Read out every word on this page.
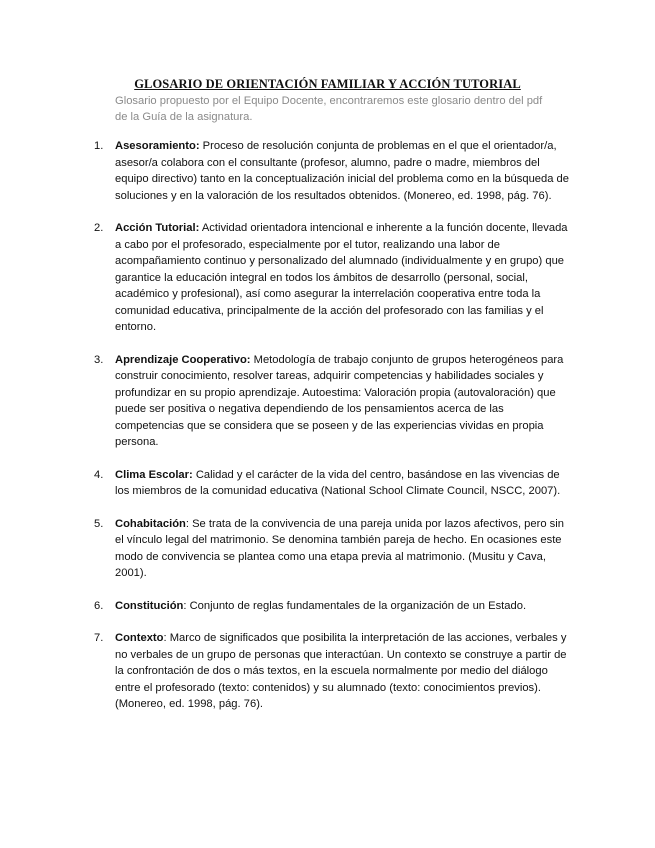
GLOSARIO DE ORIENTACIÓN FAMILIAR Y ACCIÓN TUTORIAL
Glosario propuesto por el Equipo Docente, encontraremos este glosario dentro del pdf de la Guía de la asignatura.
1. Asesoramiento: Proceso de resolución conjunta de problemas en el que el orientador/a, asesor/a colabora con el consultante (profesor, alumno, padre o madre, miembros del equipo directivo) tanto en la conceptualización inicial del problema como en la búsqueda de soluciones y en la valoración de los resultados obtenidos. (Monereo, ed. 1998, pág. 76).
2. Acción Tutorial: Actividad orientadora intencional e inherente a la función docente, llevada a cabo por el profesorado, especialmente por el tutor, realizando una labor de acompañamiento continuo y personalizado del alumnado (individualmente y en grupo) que garantice la educación integral en todos los ámbitos de desarrollo (personal, social, académico y profesional), así como asegurar la interrelación cooperativa entre toda la comunidad educativa, principalmente de la acción del profesorado con las familias y el entorno.
3. Aprendizaje Cooperativo: Metodología de trabajo conjunto de grupos heterogéneos para construir conocimiento, resolver tareas, adquirir competencias y habilidades sociales y profundizar en su propio aprendizaje. Autoestima: Valoración propia (autovaloración) que puede ser positiva o negativa dependiendo de los pensamientos acerca de las competencias que se considera que se poseen y de las experiencias vividas en propia persona.
4. Clima Escolar: Calidad y el carácter de la vida del centro, basándose en las vivencias de los miembros de la comunidad educativa (National School Climate Council, NSCC, 2007).
5. Cohabitación: Se trata de la convivencia de una pareja unida por lazos afectivos, pero sin el vínculo legal del matrimonio. Se denomina también pareja de hecho. En ocasiones este modo de convivencia se plantea como una etapa previa al matrimonio. (Musitu y Cava, 2001).
6. Constitución: Conjunto de reglas fundamentales de la organización de un Estado.
7. Contexto: Marco de significados que posibilita la interpretación de las acciones, verbales y no verbales de un grupo de personas que interactúan. Un contexto se construye a partir de la confrontación de dos o más textos, en la escuela normalmente por medio del diálogo entre el profesorado (texto: contenidos) y su alumnado (texto: conocimientos previos). (Monereo, ed. 1998, pág. 76).
